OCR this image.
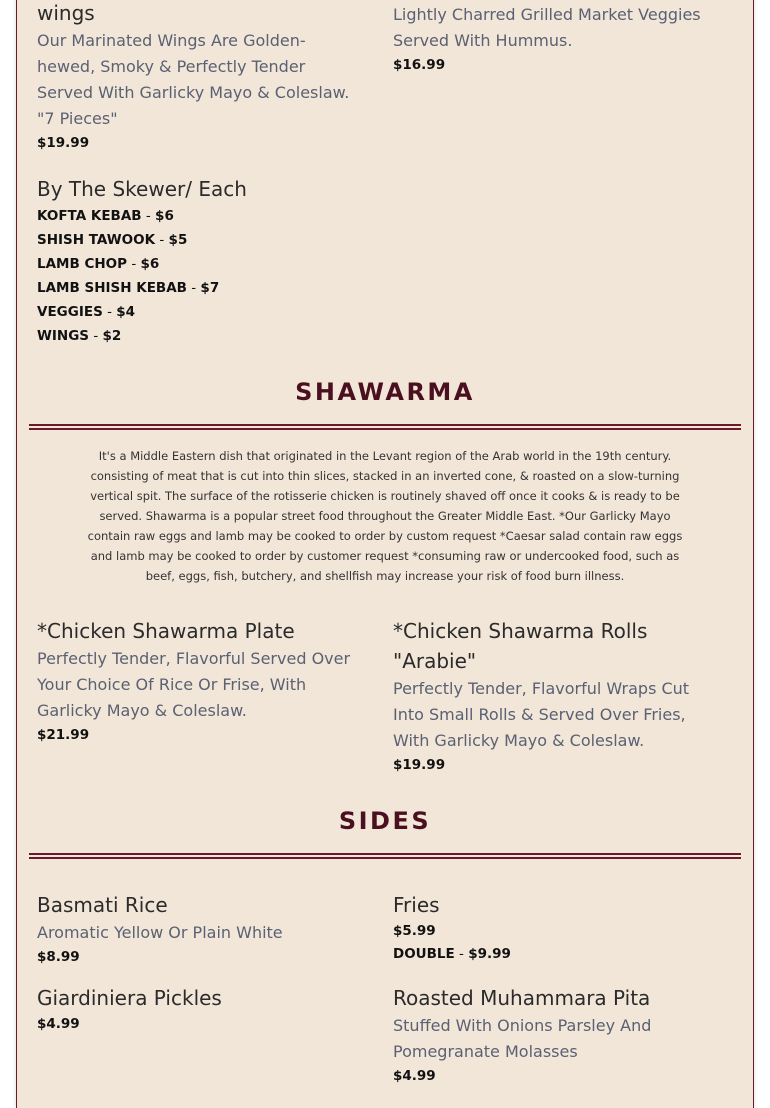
wings

Our Marinated Wings Are Golden-hewed, Smoky & Perfectly Tender Served With Garlicky Mayo & Coleslaw. "7 Pieces"

$19.99

Lightly Charred Grilled Market Veggies Served With Hummus.

$16.99

By The Skewer/ Each

KOFTA KEBAB - $6
SHISH TAWOOK - $5
LAMB CHOP - $6
LAMB SHISH KEBAB - $7
VEGGIES - $4
WINGS - $2
SHAWARMA
It's a Middle Eastern dish that originated in the Levant region of the Arab world in the 19th century. consisting of meat that is cut into thin slices, stacked in an inverted cone, & roasted on a slow-turning vertical spit. The surface of the rotisserie chicken is routinely shaved off once it cooks & is ready to be served. Shawarma is a popular street food throughout the Greater Middle East. *Our Garlicky Mayo contain raw eggs and lamb may be cooked to order by custom request *Caesar salad contain raw eggs and lamb may be cooked to order by customer request *consuming raw or undercooked food, such as beef, eggs, fish, butchery, and shellfish may increase your risk of food burn illness.

*Chicken Shawarma Plate

Perfectly Tender, Flavorful Served Over Your Choice Of Rice Or Frise, With Garlicky Mayo & Coleslaw.

$21.99

*Chicken Shawarma Rolls "Arabie"

Perfectly Tender, Flavorful Wraps Cut Into Small Rolls & Served Over Fries, With Garlicky Mayo & Coleslaw.

$19.99

SIDES

Basmati Rice

Aromatic Yellow Or Plain White

$8.99

Fries

$5.99

DOUBLE - $9.99

Giardiniera Pickles

$4.99

Roasted Muhammara Pita

Stuffed With Onions Parsley And Pomegranate Molasses

$4.99
